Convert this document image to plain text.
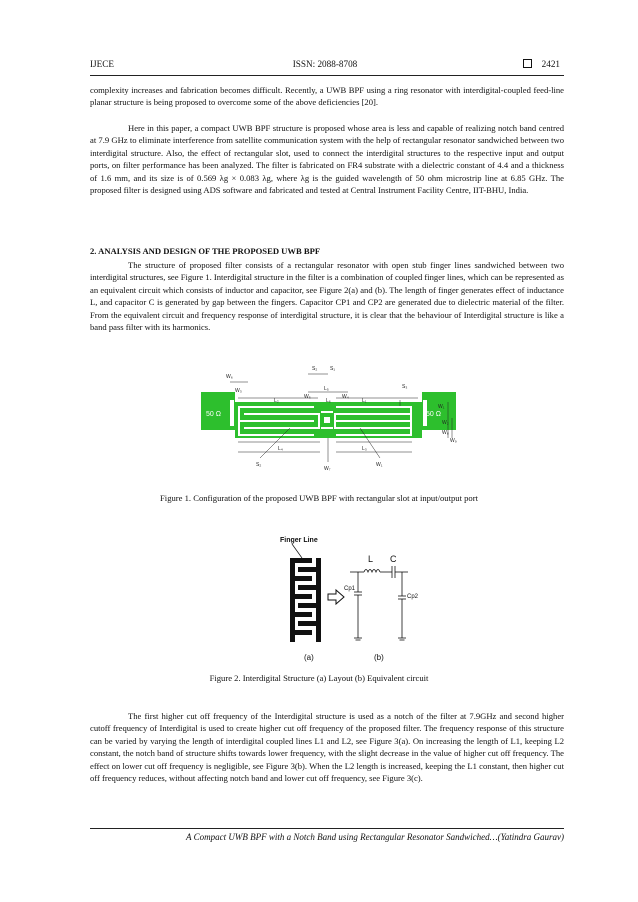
IJECE	ISSN: 2088-8708	2421

complexity increases and fabrication becomes difficult. Recently, a UWB BPF using a ring resonator with interdigital-coupled feed-line planar structure is being proposed to overcome some of the above deficiencies [20].

Here in this paper, a compact UWB BPF structure is proposed whose area is less and capable of realizing notch band centred at 7.9 GHz to eliminate interference from satellite communication system with the help of rectangular resonator sandwiched between two interdigital structure. Also, the effect of rectangular slot, used to connect the interdigital structures to the respective input and output ports, on filter performance has been analyzed. The filter is fabricated on FR4 substrate with a dielectric constant of 4.4 and a thickness of 1.6 mm, and its size is of 0.569 λg × 0.083 λg, where λg is the guided wavelength of 50 ohm microstrip line at 6.85 GHz. The proposed filter is designed using ADS software and fabricated and tested at Central Instrument Facility Centre, IIT-BHU, India.

2. ANALYSIS AND DESIGN OF THE PROPOSED UWB BPF

The structure of proposed filter consists of a rectangular resonator with open stub finger lines sandwiched between two interdigital structures, see Figure 1. Interdigital structure in the filter is a combination of coupled finger lines, which can be represented as an equivalent circuit which consists of inductor and capacitor, see Figure 2(a) and (b). The length of finger generates effect of inductance L, and capacitor C is generated by gap between the fingers. Capacitor CP1 and CP2 are generated due to dielectric material of the filter. From the equivalent circuit and frequency response of interdigital structure, it is clear that the behaviour of Interdigital structure is like a band pass filter with its harmonics.

50 Ω	50 Ω
W₆
W₃
S₂	S₁
L₅
W₅
L₆
W₄
S₃
L₂	L₁
W₁
W₂
L₄	L₃
S₂
W₇
W₁
W₈
W₉

Figure 1. Configuration of the proposed UWB BPF with rectangular slot at input/output port

Finger Line
L C
Cp1
Cp2
(a)	(b)

Figure 2. Interdigital Structure (a) Layout (b) Equivalent circuit

The first higher cut off frequency of the Interdigital structure is used as a notch of the filter at 7.9GHz and second higher cutoff frequency of Interdigital is used to create higher cut off frequency of the proposed filter. The frequency response of this structure can be varied by varying the length of interdigital coupled lines L1 and L2, see Figure 3(a). On increasing the length of L1, keeping L2 constant, the notch band of structure shifts towards lower frequency, with the slight decrease in the value of higher cut off frequency. The effect on lower cut off frequency is negligible, see Figure 3(b). When the L2 length is increased, keeping the L1 constant, then higher cut off frequency reduces, without affecting notch band and lower cut off frequency, see Figure 3(c).

A Compact UWB BPF with a Notch Band using Rectangular Resonator Sandwiched…(Yatindra Gaurav)
